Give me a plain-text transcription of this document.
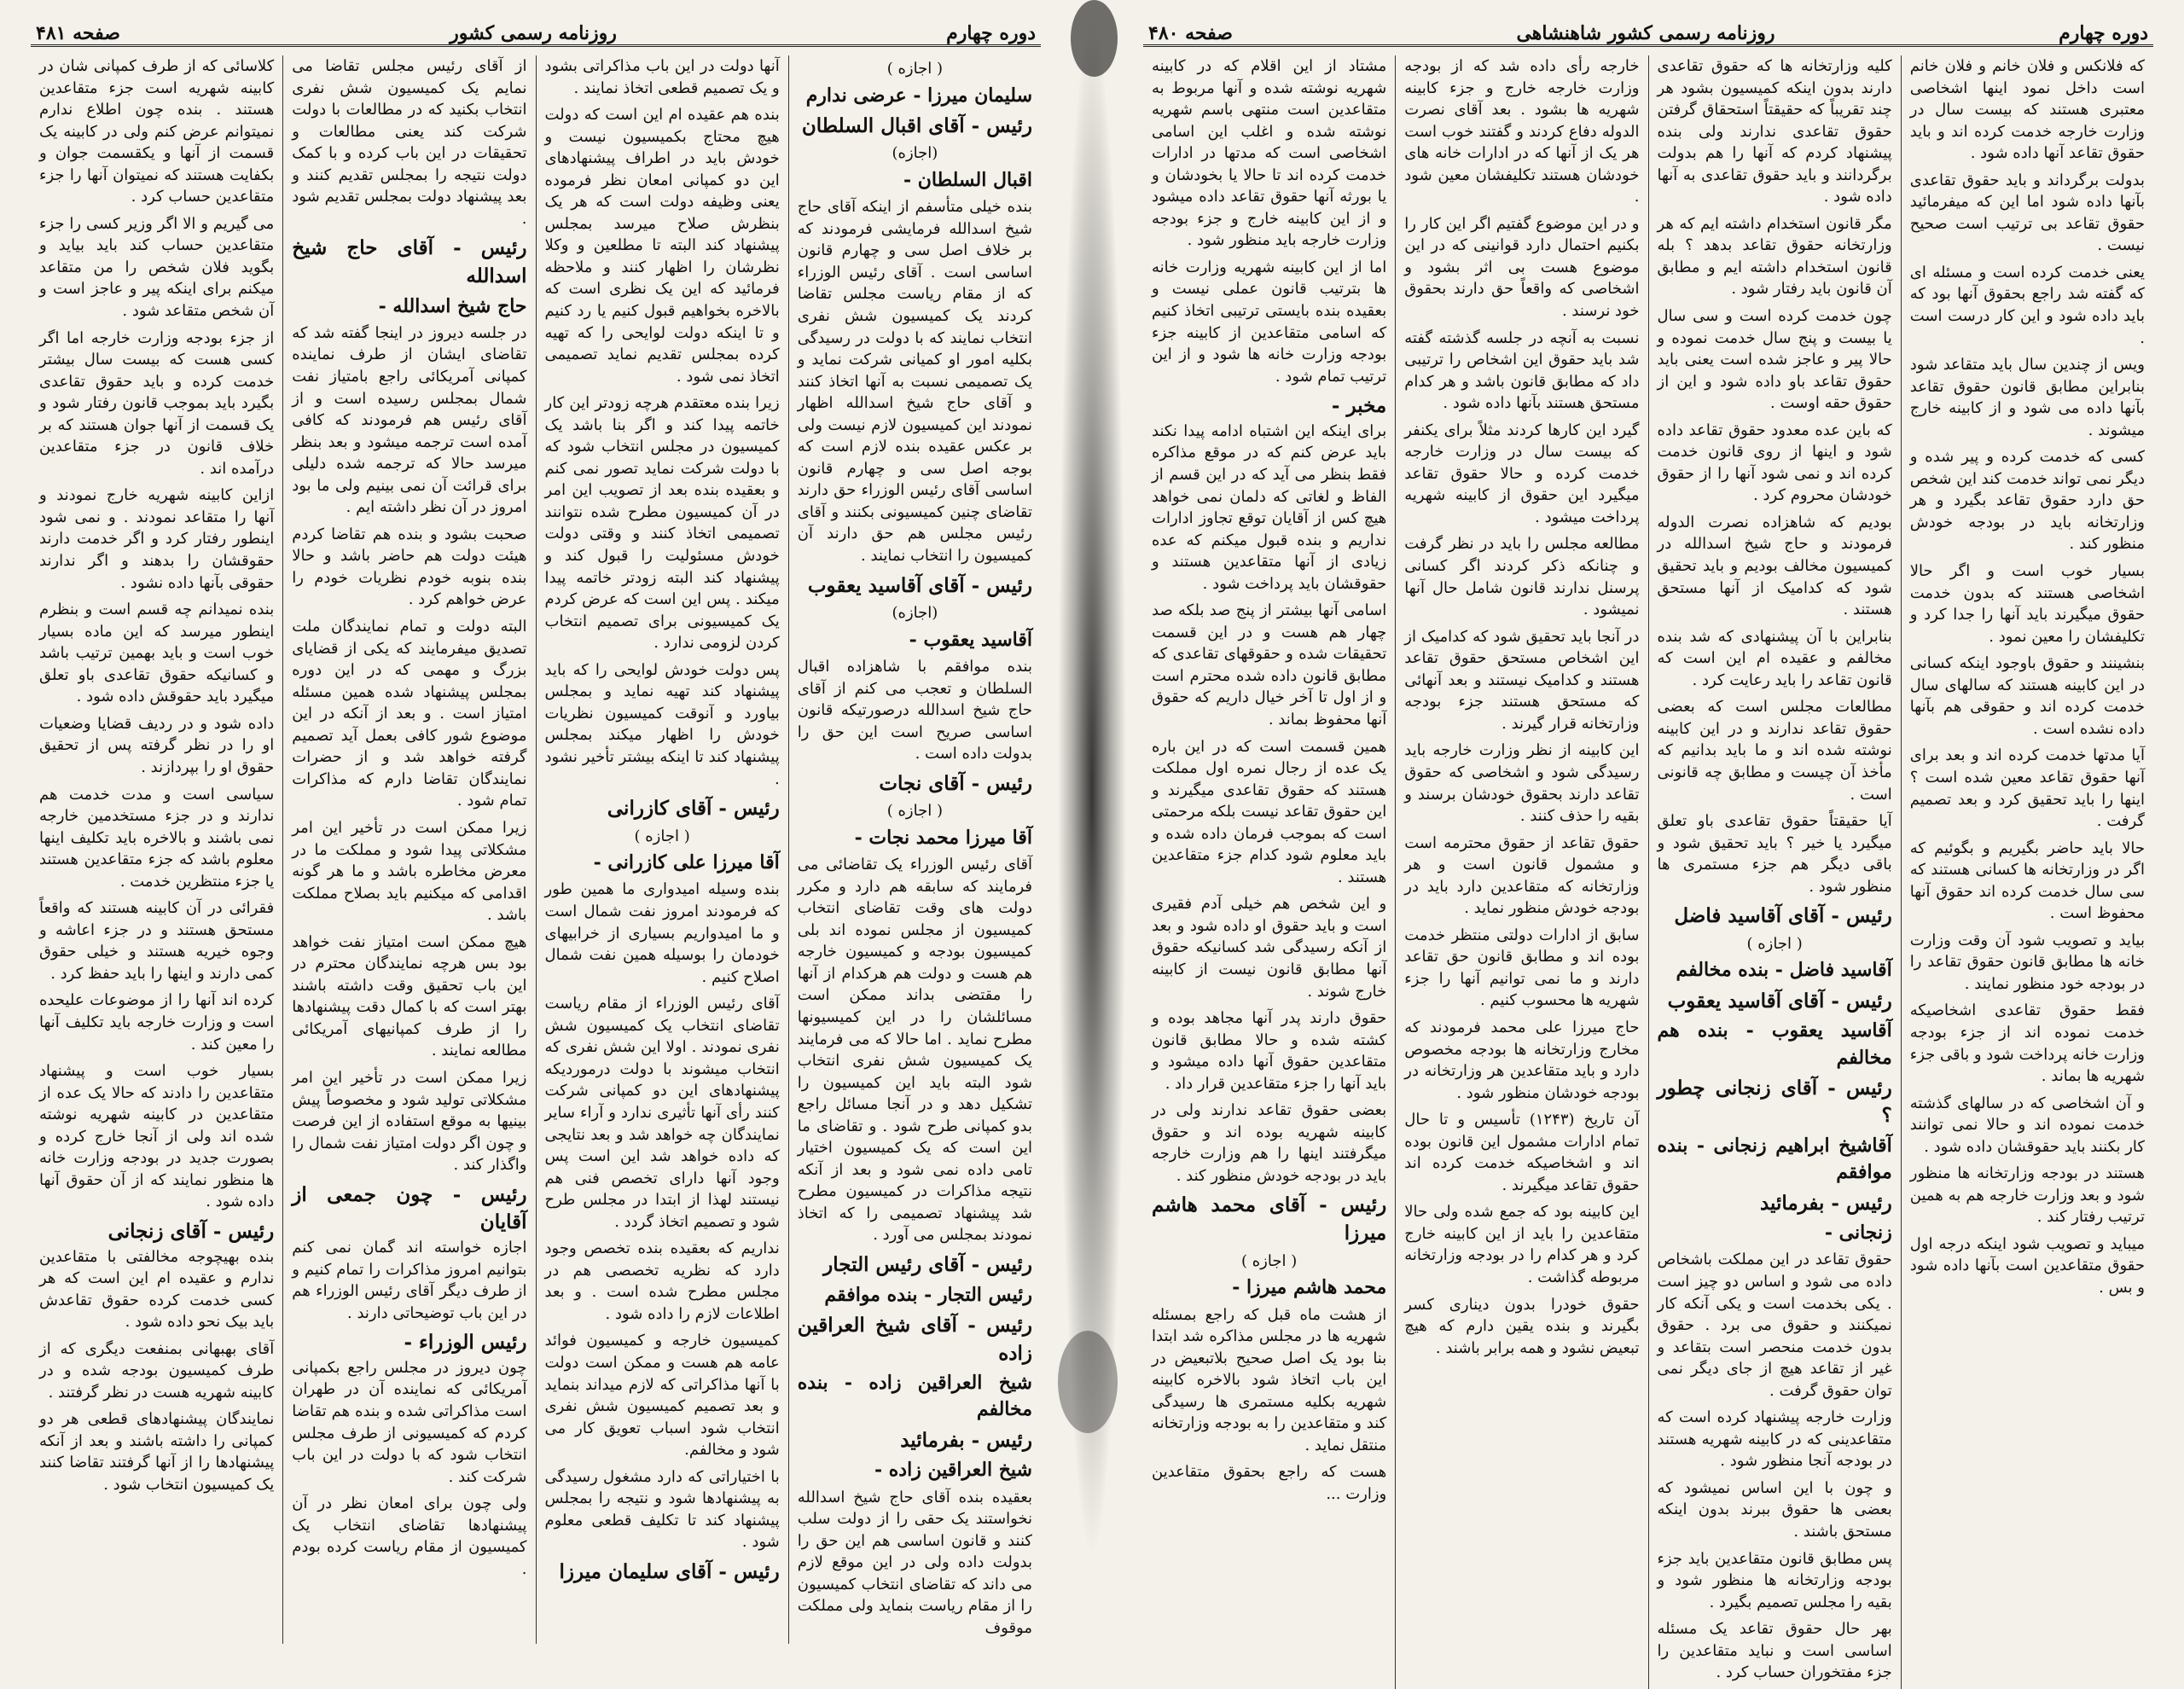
دوره چهارم
روزنامه رسمی کشور
صفحه ۴۸۱
( اجازه )
سلیمان میرزا - عرضی ندارم
رئیس - آقای اقبال السلطان
(اجازه)
اقبال السلطان -

بنده خیلی متأسفم از اینکه آقای حاج شیخ اسدالله فرمایشی فرمودند که بر خلاف اصل سی و چهارم قانون اساسی است . آقای رئیس الوزراء که از مقام ریاست مجلس تقاضا کردند یک کمیسیون شش نفری انتخاب نمایند که با دولت در رسیدگی بکلیه امور او کمیانی شرکت نماید و یک تصمیمی نسبت به آنها اتخاذ کنند و آقای حاج شیخ اسدالله اظهار نمودند این کمیسیون لازم نیست ولی بر عکس عقیده بنده لازم است که بوجه اصل سی و چهارم قانون اساسی آقای رئیس الوزراء حق دارند تقاضای چنین کمیسیونی بکنند و آقای رئیس مجلس هم حق دارند آن کمیسیون را انتخاب نمایند .

رئیس - آقای آقاسید یعقوب
(اجازه)
آقاسید یعقوب -

بنده موافقم با شاهزاده اقبال السلطان و تعجب می کنم از آقای حاج شیخ اسدالله درصورتیکه قانون اساسی صریح است این حق را بدولت داده است .

رئیس - آقای نجات
( اجازه )
آقا میرزا محمد نجات -

آقای رئیس الوزراء یک تقاضائی می فرمایند که سابقه هم دارد و مکرر دولت های وقت تقاضای انتخاب کمیسیون از مجلس نموده اند بلی کمیسیون بودجه و کمیسیون خارجه هم هست و دولت هم هرکدام از آنها را مقتضی بداند ممکن است مسائلشان را در این کمیسیونها مطرح نماید . اما حالا که می فرمایند یک کمیسیون شش نفری انتخاب شود البته باید این کمیسیون را تشکیل دهد و در آنجا مسائل راجع بدو کمپانی طرح شود . و تقاضای ما این است که یک کمیسیون اختیار تامی داده نمی شود و بعد از آنکه نتیجه مذاکرات در کمیسیون مطرح شد پیشنهاد تصمیمی را که اتخاذ نمودند بمجلس می آورد .

رئیس - آقای رئیس التجار
رئیس التجار - بنده موافقم
رئیس - آقای شیخ العراقین زاده
شیخ العراقین زاده - بنده مخالفم
رئیس - بفرمائید
شیخ العراقین زاده -

بعقیده بنده آقای حاج شیخ اسدالله نخواستند یک حقی را از دولت سلب کنند و قانون اساسی هم این حق را بدولت داده ولی در این موقع لازم می داند که تقاضای انتخاب کمیسیون را از مقام ریاست بنماید ولی مملکت موقوف

آنها دولت در این باب مذاکراتی بشود و یک تصمیم قطعی اتخاذ نمایند .

بنده هم عقیده ام این است که دولت هیچ محتاج بکمیسیون نیست و خودش باید در اطراف پیشنهادهای این دو کمپانی امعان نظر فرموده یعنی وظیفه دولت است که هر یک بنظرش صلاح میرسد بمجلس پیشنهاد کند البته تا مطلعین و وکلا نظرشان را اظهار کنند و ملاحظه فرمائید که این یک نظری است که بالاخره بخواهیم قبول کنیم یا رد کنیم و تا اینکه دولت لوایحی را که تهیه کرده بمجلس تقدیم نماید تصمیمی اتخاذ نمی شود .

زیرا بنده معتقدم هرچه زودتر این کار خاتمه پیدا کند و اگر بنا باشد یک کمیسیون در مجلس انتخاب شود که با دولت شرکت نماید تصور نمی کنم و بعقیده بنده بعد از تصویب این امر در آن کمیسیون مطرح شده نتوانند تصمیمی اتخاذ کنند و وقتی دولت خودش مسئولیت را قبول کند و پیشنهاد کند البته زودتر خاتمه پیدا میکند . پس این است که عرض کردم یک کمیسیونی برای تصمیم انتخاب کردن لزومی ندارد .

پس دولت خودش لوایحی را که باید پیشنهاد کند تهیه نماید و بمجلس بیاورد و آنوقت کمیسیون نظریات خودش را اظهار میکند بمجلس پیشنهاد کند تا اینکه بیشتر تأخیر نشود .

رئیس - آقای کازرانی
( اجازه )
آقا میرزا علی کازرانی -

بنده وسیله امیدواری ما همین طور که فرمودند امروز نفت شمال است و ما امیدواریم بسیاری از خرابیهای خودمان را بوسیله همین نفت شمال اصلاح کنیم .

آقای رئیس الوزراء از مقام ریاست تقاضای انتخاب یک کمیسیون شش نفری نمودند . اولا این شش نفری که انتخاب میشوند با دولت درموردیکه پیشنهادهای این دو کمپانی شرکت کنند رأی آنها تأثیری ندارد و آراء سایر نمایندگان چه خواهد شد و بعد نتایجی که داده خواهد شد این است پس وجود آنها دارای تخصص فنی هم نیستند لهذا از ابتدا در مجلس طرح شود و تصمیم اتخاذ گردد .

نداریم که بعقیده بنده تخصص وجود دارد که نظریه تخصصی هم در مجلس مطرح شده است . و بعد اطلاعات لازم را داده شود .

کمیسیون خارجه و کمیسیون فوائد عامه هم هست و ممکن است دولت با آنها مذاکراتی که لازم میداند بنماید و بعد تصمیم کمیسیون شش نفری انتخاب شود اسباب تعویق کار می شود و مخالفم.

با اختیاراتی که دارد مشغول رسیدگی به پیشنهادها شود و نتیجه را بمجلس پیشنهاد کند تا تکلیف قطعی معلوم شود .

رئیس - آقای سلیمان میرزا

از آقای رئیس مجلس تقاضا می نمایم یک کمیسیون شش نفری انتخاب بکنید که در مطالعات با دولت شرکت کند یعنی مطالعات و تحقیقات در این باب کرده و با کمک دولت نتیجه را بمجلس تقدیم کنند و بعد پیشنهاد دولت بمجلس تقدیم شود .

رئیس - آقای حاج شیخ اسدالله
حاج شیخ اسدالله -

در جلسه دیروز در اینجا گفته شد که تقاضای ایشان از طرف نماینده کمپانی آمریکائی راجع بامتیاز نفت شمال بمجلس رسیده است و از آقای رئیس هم فرمودند که کافی آمده است ترجمه میشود و بعد بنظر میرسد حالا که ترجمه شده دلیلی برای قرائت آن نمی بینیم ولی ما بود امروز در آن نظر داشته ایم .

صحبت بشود و بنده هم تقاضا کردم هیئت دولت هم حاضر باشد و حالا بنده بنوبه خودم نظریات خودم را عرض خواهم کرد .

البته دولت و تمام نمایندگان ملت تصدیق میفرمایند که یکی از قضایای بزرگ و مهمی که در این دوره بمجلس پیشنهاد شده همین مسئله امتیاز است . و بعد از آنکه در این موضوع شور کافی بعمل آید تصمیم گرفته خواهد شد و از حضرات نمایندگان تقاضا دارم که مذاکرات تمام شود .

زیرا ممکن است در تأخیر این امر مشکلاتی پیدا شود و مملکت ما در معرض مخاطره باشد و ما هر گونه اقدامی که میکنیم باید بصلاح مملکت باشد .

هیچ ممکن است امتیاز نفت خواهد بود بس هرچه نمایندگان محترم در این باب تحقیق وقت داشته باشند بهتر است که با کمال دقت پیشنهادها را از طرف کمپانیهای آمریکائی مطالعه نمایند .

زیرا ممکن است در تأخیر این امر مشکلاتی تولید شود و مخصوصاً پیش بینیها به موقع استفاده از این فرصت و چون اگر دولت امتیاز نفت شمال را واگذار کند .

رئیس - چون جمعی از آقایان

اجازه خواسته اند گمان نمی کنم بتوانیم امروز مذاکرات را تمام کنیم و از طرف دیگر آقای رئیس الوزراء هم در این باب توضیحاتی دارند .

رئیس الوزراء -

چون دیروز در مجلس راجع بکمپانی آمریکائی که نماینده آن در طهران است مذاکراتی شده و بنده هم تقاضا کردم که کمیسیونی از طرف مجلس انتخاب شود که با دولت در این باب شرکت کند .

ولی چون برای امعان نظر در آن پیشنهادها تقاضای انتخاب یک کمیسیون از مقام ریاست کرده بودم .

کلاسائی که از طرف کمپانی شان در کابینه شهریه است جزء متقاعدین هستند . بنده چون اطلاع ندارم نمیتوانم عرض کنم ولی در کابینه یک قسمت از آنها و یکقسمت جوان و بکفایت هستند که نمیتوان آنها را جزء متقاعدین حساب کرد .

می گیریم و الا اگر وزیر کسی را جزء متقاعدین حساب کند باید بیاید و بگوید فلان شخص را من متقاعد میکنم برای اینکه پیر و عاجز است و آن شخص متقاعد شود .

از جزء بودجه وزارت خارجه اما اگر کسی هست که بیست سال بیشتر خدمت کرده و باید حقوق تقاعدی بگیرد باید بموجب قانون رفتار شود و یک قسمت از آنها جوان هستند که بر خلاف قانون در جزء متقاعدین درآمده اند .

ازاین کابینه شهریه خارج نمودند و آنها را متقاعد نمودند . و نمی شود اینطور رفتار کرد و اگر خدمت دارند حقوقشان را بدهند و اگر ندارند حقوقی بآنها داده نشود .

بنده نمیدانم چه قسم است و بنظرم اینطور میرسد که این ماده بسیار خوب است و باید بهمین ترتیب باشد و کسانیکه حقوق تقاعدی باو تعلق میگیرد باید حقوقش داده شود .

داده شود و در ردیف قضایا وضعیات او را در نظر گرفته پس از تحقیق حقوق او را بپردازند .

سیاسی است و مدت خدمت هم ندارند و در جزء مستخدمین خارجه نمی باشند و بالاخره باید تکلیف اینها معلوم باشد که جزء متقاعدین هستند یا جزء منتظرین خدمت .

فقرائی در آن کابینه هستند که واقعاً مستحق هستند و در جزء اعاشه و وجوه خیریه هستند و خیلی حقوق کمی دارند و اینها را باید حفظ کرد .

کرده اند آنها را از موضوعات علیحده است و وزارت خارجه باید تکلیف آنها را معین کند .

بسیار خوب است و پیشنهاد متقاعدین را دادند که حالا یک عده از متقاعدین در کابینه شهریه نوشته شده اند ولی از آنجا خارج کرده و بصورت جدید در بودجه وزارت خانه ها منظور نمایند که از آن حقوق آنها داده شود .

رئیس - آقای زنجانی

بنده بهیچوجه مخالفتی با متقاعدین ندارم و عقیده ام این است که هر کسی خدمت کرده حقوق تقاعدش باید بیک نحو داده شود .

آقای بهبهانی بمنفعت دیگری که از طرف کمیسیون بودجه شده و در کابینه شهریه هست در نظر گرفتند .

نمایندگان پیشنهادهای قطعی هر دو کمپانی را داشته باشند و بعد از آنکه پیشنهادها را از آنها گرفتند تقاضا کنند یک کمیسیون انتخاب شود .

دوره چهارم
روزنامه رسمی کشور شاهنشاهی
صفحه ۴۸۰

که فلانکس و فلان خانم و فلان خانم است داخل نمود اینها اشخاصی معتبری هستند که بیست سال در وزارت خارجه خدمت کرده اند و باید حقوق تقاعد آنها داده شود .

بدولت برگرداند و باید حقوق تقاعدی بآنها داده شود اما این که میفرمائید حقوق تقاعد بی ترتیب است صحیح نیست .

یعنی خدمت کرده است و مسئله ای که گفته شد راجع بحقوق آنها بود که باید داده شود و این کار درست است .

ویس از چندین سال باید متقاعد شود بنابراین مطابق قانون حقوق تقاعد بآنها داده می شود و از کابینه خارج میشوند .

کسی که خدمت کرده و پیر شده و دیگر نمی تواند خدمت کند این شخص حق دارد حقوق تقاعد بگیرد و هر وزارتخانه باید در بودجه خودش منظور کند .

بسیار خوب است و اگر حالا اشخاصی هستند که بدون خدمت حقوق میگیرند باید آنها را جدا کرد و تکلیفشان را معین نمود .

بنشینند و حقوق باوجود اینکه کسانی در این کابینه هستند که سالهای سال خدمت کرده اند و حقوقی هم بآنها داده نشده است .

آیا مدتها خدمت کرده اند و بعد برای آنها حقوق تقاعد معین شده است ؟ اینها را باید تحقیق کرد و بعد تصمیم گرفت .

حالا باید حاضر بگیریم و بگوئیم که اگر در وزارتخانه ها کسانی هستند که سی سال خدمت کرده اند حقوق آنها محفوظ است .

بیاید و تصویب شود آن وقت وزارت خانه ها مطابق قانون حقوق تقاعد را در بودجه خود منظور نمایند .

فقط حقوق تقاعدی اشخاصیکه خدمت نموده اند از جزء بودجه وزارت خانه پرداخت شود و باقی جزء شهریه ها بماند .

و آن اشخاصی که در سالهای گذشته خدمت نموده اند و حالا نمی توانند کار بکنند باید حقوقشان داده شود .

هستند در بودجه وزارتخانه ها منظور شود و بعد وزارت خارجه هم به همین ترتیب رفتار کند .

میباید و تصویب شود اینکه درجه اول حقوق متقاعدین است بآنها داده شود و بس .

کلیه وزارتخانه ها که حقوق تقاعدی دارند بدون اینکه کمیسیون بشود هر چند تقریباً که حقیقتاً استحقاق گرفتن حقوق تقاعدی ندارند ولی بنده پیشنهاد کردم که آنها را هم بدولت برگردانند و باید حقوق تقاعدی به آنها داده شود .

مگر قانون استخدام داشته ایم که هر وزارتخانه حقوق تقاعد بدهد ؟ بله قانون استخدام داشته ایم و مطابق آن قانون باید رفتار شود .

چون خدمت کرده است و سی سال یا بیست و پنج سال خدمت نموده و حالا پیر و عاجز شده است یعنی باید حقوق تقاعد باو داده شود و این از حقوق حقه اوست .

که باین عده معدود حقوق تقاعد داده شود و اینها از روی قانون خدمت کرده اند و نمی شود آنها را از حقوق خودشان محروم کرد .

بودیم که شاهزاده نصرت الدوله فرمودند و حاج شیخ اسدالله در کمیسیون مخالف بودیم و باید تحقیق شود که کدامیک از آنها مستحق هستند .

بنابراین با آن پیشنهادی که شد بنده مخالفم و عقیده ام این است که قانون تقاعد را باید رعایت کرد .

مطالعات مجلس است که بعضی حقوق تقاعد ندارند و در این کابینه نوشته شده اند و ما باید بدانیم که مأخذ آن چیست و مطابق چه قانونی است .

آیا حقیقتاً حقوق تقاعدی باو تعلق میگیرد یا خیر ؟ باید تحقیق شود و باقی دیگر هم جزء مستمری ها منظور شود .

رئیس - آقای آقاسید فاضل
( اجازه )
آقاسید فاضل - بنده مخالفم
رئیس - آقای آقاسید یعقوب
آقاسید یعقوب - بنده هم مخالفم
رئیس - آقای زنجانی چطور ؟
آقاشیخ ابراهیم زنجانی - بنده موافقم
رئیس - بفرمائید
زنجانی -

حقوق تقاعد در این مملکت باشخاص داده می شود و اساس دو چیز است . یکی بخدمت است و یکی آنکه کار نمیکنند و حقوق می برد . حقوق بدون خدمت منحصر است بتقاعد و غیر از تقاعد هیچ از جای دیگر نمی توان حقوق گرفت .

وزارت خارجه پیشنهاد کرده است که متقاعدینی که در کابینه شهریه هستند در بودجه آنجا منظور شود .

و چون با این اساس نمیشود که بعضی ها حقوق ببرند بدون اینکه مستحق باشند .

پس مطابق قانون متقاعدین باید جزء بودجه وزارتخانه ها منظور شود و بقیه را مجلس تصمیم بگیرد .

بهر حال حقوق تقاعد یک مسئله اساسی است و نباید متقاعدین را جزء مفتخوران حساب کرد .

خارجه رأی داده شد که از بودجه وزارت خارجه خارج و جزء کابینه شهریه ها بشود . بعد آقای نصرت الدوله دفاع کردند و گفتند خوب است هر یک از آنها که در ادارات خانه های خودشان هستند تکلیفشان معین شود .

و در این موضوع گفتیم اگر این کار را بکنیم احتمال دارد قوانینی که در این موضوع هست بی اثر بشود و اشخاصی که واقعاً حق دارند بحقوق خود نرسند .

نسبت به آنچه در جلسه گذشته گفته شد باید حقوق این اشخاص را ترتیبی داد که مطابق قانون باشد و هر کدام مستحق هستند بآنها داده شود .

گیرد این کارها کردند مثلاً برای یکنفر که بیست سال در وزارت خارجه خدمت کرده و حالا حقوق تقاعد میگیرد این حقوق از کابینه شهریه پرداخت میشود .

مطالعه مجلس را باید در نظر گرفت و چنانکه ذکر کردند اگر کسانی پرسنل ندارند قانون شامل حال آنها نمیشود .

در آنجا باید تحقیق شود که کدامیک از این اشخاص مستحق حقوق تقاعد هستند و کدامیک نیستند و بعد آنهائی که مستحق هستند جزء بودجه وزارتخانه قرار گیرند .

این کابینه از نظر وزارت خارجه باید رسیدگی شود و اشخاصی که حقوق تقاعد دارند بحقوق خودشان برسند و بقیه را حذف کنند .

حقوق تقاعد از حقوق محترمه است و مشمول قانون است و هر وزارتخانه که متقاعدین دارد باید در بودجه خودش منظور نماید .

سابق از ادارات دولتی منتظر خدمت بوده اند و مطابق قانون حق تقاعد دارند و ما نمی توانیم آنها را جزء شهریه ها محسوب کنیم .

حاج میرزا علی محمد فرمودند که مخارج وزارتخانه ها بودجه مخصوص دارد و باید متقاعدین هر وزارتخانه در بودجه خودشان منظور شود .

آن تاریخ (۱۲۴۳) تأسیس و تا حال تمام ادارات مشمول این قانون بوده اند و اشخاصیکه خدمت کرده اند حقوق تقاعد میگیرند .

این کابینه بود که جمع شده ولی حالا متقاعدین را باید از این کابینه خارج کرد و هر کدام را در بودجه وزارتخانه مربوطه گذاشت .

حقوق خودرا بدون دیناری کسر بگیرند و بنده یقین دارم که هیچ تبعیض نشود و همه برابر باشند .

مشتاد از این اقلام که در کابینه شهریه نوشته شده و آنها مربوط به متقاعدین است منتهی باسم شهریه نوشته شده و اغلب این اسامی اشخاصی است که مدتها در ادارات خدمت کرده اند تا حالا یا بخودشان و یا بورثه آنها حقوق تقاعد داده میشود و از این کابینه خارج و جزء بودجه وزارت خارجه باید منظور شود .

اما از این کابینه شهریه وزارت خانه ها بترتیب قانون عملی نیست و بعقیده بنده بایستی ترتیبی اتخاذ کنیم که اسامی متقاعدین از کابینه جزء بودجه وزارت خانه ها شود و از این ترتیب تمام شود .

مخبر -

برای اینکه این اشتباه ادامه پیدا نکند باید عرض کنم که در موقع مذاکره فقط بنظر می آید که در این قسم از الفاظ و لغاتی که دلمان نمی خواهد هیچ کس از آقایان توقع تجاوز ادارات نداریم و بنده قبول میکنم که عده زیادی از آنها متقاعدین هستند و حقوقشان باید پرداخت شود .

اسامی آنها بیشتر از پنج صد بلکه صد چهار هم هست و در این قسمت تحقیقات شده و حقوقهای تقاعدی که مطابق قانون داده شده محترم است و از اول تا آخر خیال داریم که حقوق آنها محفوظ بماند .

همین قسمت است که در این باره یک عده از رجال نمره اول مملکت هستند که حقوق تقاعدی میگیرند و این حقوق تقاعد نیست بلکه مرحمتی است که بموجب فرمان داده شده و باید معلوم شود کدام جزء متقاعدین هستند .

و این شخص هم خیلی آدم فقیری است و باید حقوق او داده شود و بعد از آنکه رسیدگی شد کسانیکه حقوق آنها مطابق قانون نیست از کابینه خارج شوند .

حقوق دارند پدر آنها مجاهد بوده و کشته شده و حالا مطابق قانون متقاعدین حقوق آنها داده میشود و باید آنها را جزء متقاعدین قرار داد .

بعضی حقوق تقاعد ندارند ولی در کابینه شهریه بوده اند و حقوق میگرفتند اینها را هم وزارت خارجه باید در بودجه خودش منظور کند .

رئیس - آقای محمد هاشم میرزا
( اجازه )
محمد هاشم میرزا -

از هشت ماه قبل که راجع بمسئله شهریه ها در مجلس مذاکره شد ابتدا بنا بود یک اصل صحیح بلاتبعیض در این باب اتخاذ شود بالاخره کابینه شهریه بکلیه مستمری ها رسیدگی کند و متقاعدین را به بودجه وزارتخانه منتقل نماید .

هست که راجع بحقوق متقاعدین وزارت ...
